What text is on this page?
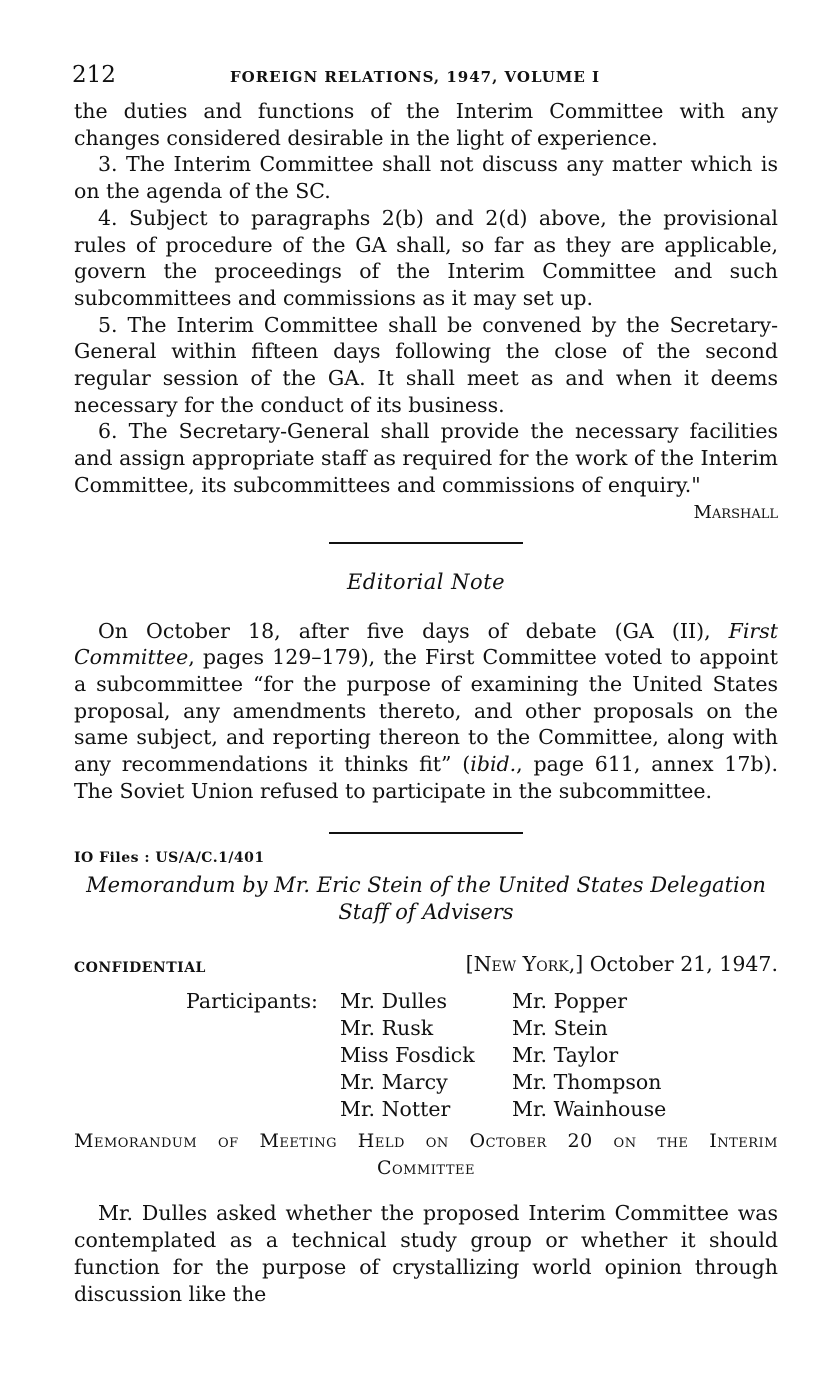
212	FOREIGN RELATIONS, 1947, VOLUME I

the duties and functions of the Interim Committee with any changes considered desirable in the light of experience.

3. The Interim Committee shall not discuss any matter which is on the agenda of the SC.

4. Subject to paragraphs 2(b) and 2(d) above, the provisional rules of procedure of the GA shall, so far as they are applicable, govern the proceedings of the Interim Committee and such subcommittees and commissions as it may set up.

5. The Interim Committee shall be convened by the Secretary-General within fifteen days following the close of the second regular session of the GA. It shall meet as and when it deems necessary for the conduct of its business.

6. The Secretary-General shall provide the necessary facilities and assign appropriate staff as required for the work of the Interim Committee, its subcommittees and commissions of enquiry."

Marshall
Editorial Note

On October 18, after five days of debate (GA (II), First Committee, pages 129–179), the First Committee voted to appoint a subcommittee “for the purpose of examining the United States proposal, any amendments thereto, and other proposals on the same subject, and reporting thereon to the Committee, along with any recommendations it thinks fit” (ibid., page 611, annex 17b). The Soviet Union refused to participate in the subcommittee.

IO Files : US/A/C.1/401
Memorandum by Mr. Eric Stein of the United States Delegation Staff of Advisers
CONFIDENTIAL	[New York,] October 21, 1947.
Participants: Mr. Dulles
Mr. Rusk
Miss Fosdick
Mr. Marcy
Mr. Notter
Mr. Popper
Mr. Stein
Mr. Taylor
Mr. Thompson
Mr. Wainhouse
Memorandum of Meeting Held on October 20 on the Interim
Committee

Mr. Dulles asked whether the proposed Interim Committee was contemplated as a technical study group or whether it should function for the purpose of crystallizing world opinion through discussion like the
